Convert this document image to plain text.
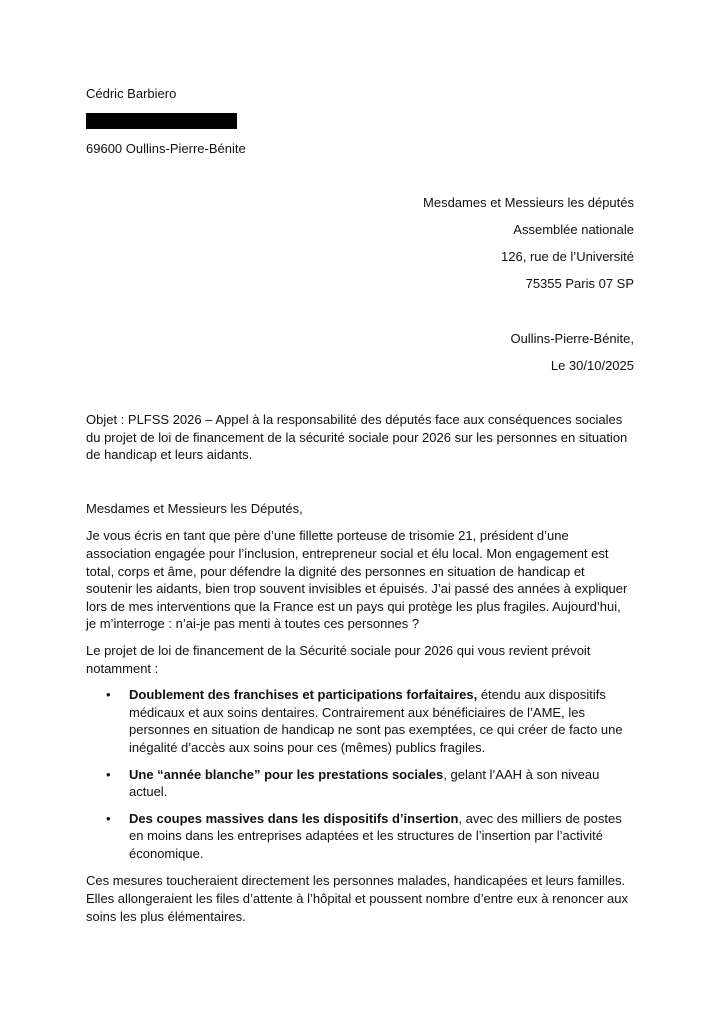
Cédric Barbiero
69600 Oullins-Pierre-Bénite
Mesdames et Messieurs les députés
Assemblée nationale
126, rue de l’Université
75355 Paris 07 SP
Oullins-Pierre-Bénite,
Le 30/10/2025

Objet : PLFSS 2026 – Appel à la responsabilité des députés face aux conséquences sociales du projet de loi de financement de la sécurité sociale pour 2026 sur les personnes en situation de handicap et leurs aidants.

Mesdames et Messieurs les Députés,

Je vous écris en tant que père d’une fillette porteuse de trisomie 21, président d’une association engagée pour l’inclusion, entrepreneur social et élu local. Mon engagement est total, corps et âme, pour défendre la dignité des personnes en situation de handicap et soutenir les aidants, bien trop souvent invisibles et épuisés. J’ai passé des années à expliquer lors de mes interventions que la France est un pays qui protège les plus fragiles. Aujourd’hui, je m’interroge : n’ai-je pas menti à toutes ces personnes ?

Le projet de loi de financement de la Sécurité sociale pour 2026 qui vous revient prévoit notamment :

• Doublement des franchises et participations forfaitaires, étendu aux dispositifs médicaux et aux soins dentaires. Contrairement aux bénéficiaires de l’AME, les personnes en situation de handicap ne sont pas exemptées, ce qui créer de facto une inégalité d’accès aux soins pour ces (mêmes) publics fragiles.
• Une “année blanche” pour les prestations sociales, gelant l’AAH à son niveau actuel.
• Des coupes massives dans les dispositifs d’insertion, avec des milliers de postes en moins dans les entreprises adaptées et les structures de l’insertion par l’activité économique.

Ces mesures toucheraient directement les personnes malades, handicapées et leurs familles. Elles allongeraient les files d’attente à l’hôpital et poussent nombre d’entre eux à renoncer aux soins les plus élémentaires.
